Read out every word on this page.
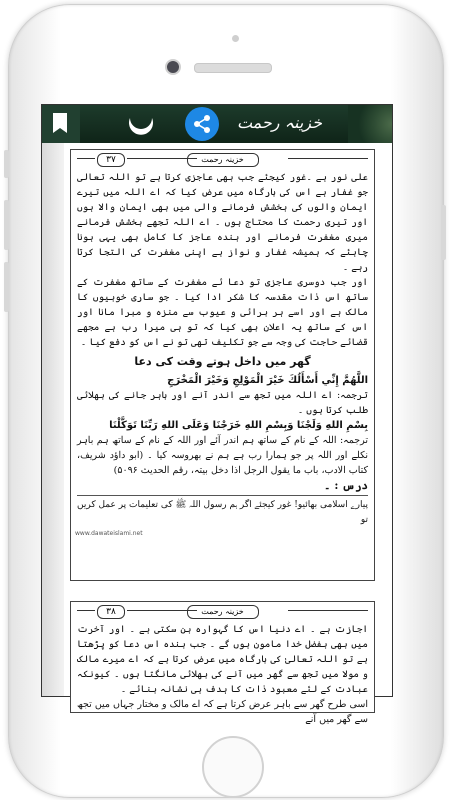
خزینہ رحمت
۳۷	خزینہ رحمت
علی نور ہے ۔غور کیجئے جب بھی عاجزی کرتا ہے تو اللہ تعالی جو غفار ہے اس کی بارگاہ میں عرض کیا کہ اے اللہ میں تیرے ایمان والوں کی بخشش فرمانے والی میں بھی ایمان والا ہوں اور تیری رحمت کا محتاج ہوں ۔ اے اللہ تجھے بخشش فرمانے میری مغفرت فرمانے اور بندہ عاجز کا کامل بھی یہی ہونا چاہئے کہ ہمیشہ غفار و نواز ہے اپنی مغفرت کی التجا کرتا رہے ۔
اور جب دوسری عاجزی تو دعا ئے مغفرت کے ساتھ مغفرت کے ساتھ اس ذات مقدسہ کا شکر ادا کیا ۔ جو ساری خوبیوں کا مالک ہے اور اسے ہر برائی و عیوب سے منزہ و مبرا مانا اور اس کے ساتھ یہ اعلان بھی کیا کہ تو ہی میرا رب ہے مجھے قضائے حاجت کی وجہ سے جو تکلیف تھی تو نے اس کو دفع کیا ۔
گھر میں داخل ہوتے وقت کی دعا
اللَّهُمَّ إِنِّي أَسْأَلُكَ خَيْرَ الْمَوْلِجِ وَخَيْرَ الْمَخْرَجِ
ترجمہ: اے اللہ میں تجھ سے اندر آنے اور باہر جانے کی بھلائی طلب کرتا ہوں ۔
بِسْمِ اللهِ وَلَجْنَا وَبِسْمِ اللهِ خَرَجْنَا وَعَلَى اللهِ رَبِّنَا تَوَكَّلْنَا
ترجمہ: اللہ کے نام کے ساتھ ہم اندر آئے اور اللہ کے نام کے ساتھ ہم باہر نکلے اور اللہ پر جو ہمارا رب ہے ہم نے بھروسہ کیا ۔ (ابو داؤد شریف، کتاب الادب، باب ما یقول الرجل اذا دخل بیتہ، رقم الحدیث ۵۰۹۶)
درس : ۔
پیارے اسلامی بھائیو! غور کیجئے اگر ہم رسول اللہ ﷺ کی تعلیمات پر عمل کریں تو
www.dawateislami.net
۳۸	خزینہ رحمت
اجازت ہے ۔ اے دنیا اس کا گہوارہ بن سکتی ہے ۔ اور آخرت میں بھی بفضل خدا مامون ہوں گے ۔ جب بندہ اس دعا کو پڑھتا ہے تو اللہ تعالیٰ کی بارگاہ میں عرض کرتا ہے کہ اے میرے مالک و مولا میں تجھ سے گھر میں آنے کی بھلائی مانگتا ہوں ۔ کیونکہ عبادت کے لئے معبود ذات کا ہدف ہی نشانہ بنائے ۔
اسی طرح گھر سے باہر عرض کرتا ہے کہ اے مالک و مختار جہاں میں تجھ سے گھر میں آنے
